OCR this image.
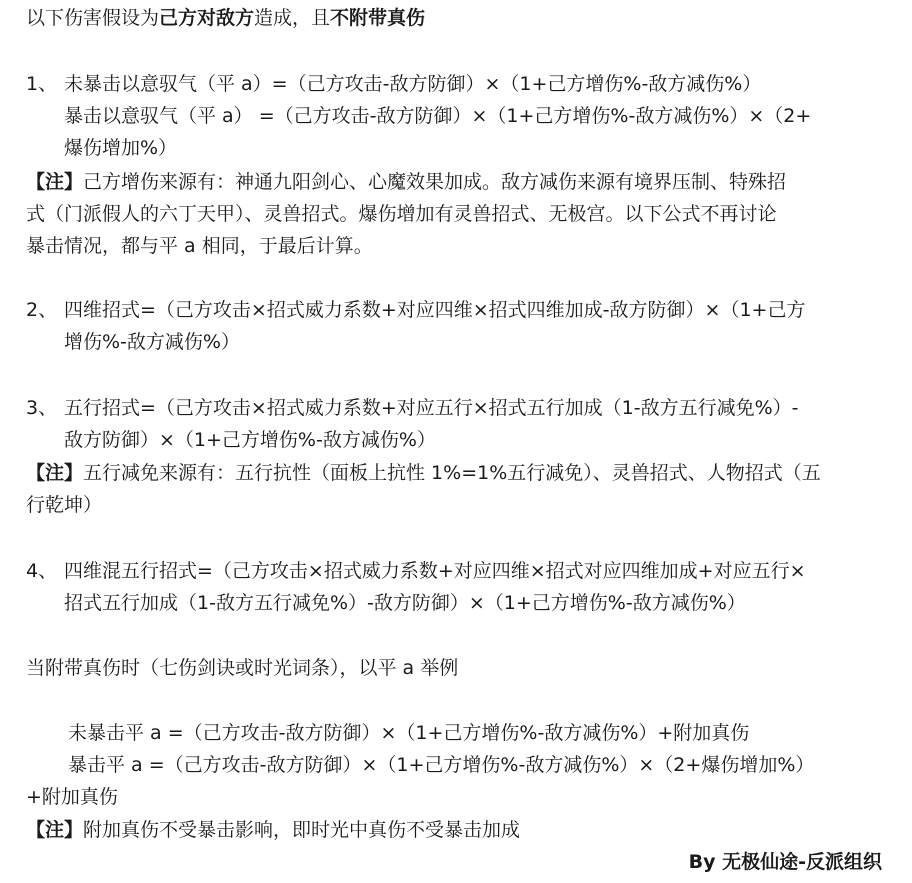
以下伤害假设为己方对敌方造成，且不附带真伤
1、 未暴击以意驭气（平 a）=（己方攻击-敌方防御）×（1+己方增伤%-敌方减伤%）
暴击以意驭气（平 a） =（己方攻击-敌方防御）×（1+己方增伤%-敌方减伤%）×（2+
爆伤增加%）
【注】己方增伤来源有：神通九阳剑心、心魔效果加成。敌方减伤来源有境界压制、特殊招
式（门派假人的六丁天甲）、灵兽招式。爆伤增加有灵兽招式、无极宫。以下公式不再讨论
暴击情况，都与平 a 相同，于最后计算。
2、 四维招式=（己方攻击×招式威力系数+对应四维×招式四维加成-敌方防御）×（1+己方
增伤%-敌方减伤%）
3、 五行招式=（己方攻击×招式威力系数+对应五行×招式五行加成（1-敌方五行减免%）-
敌方防御）×（1+己方增伤%-敌方减伤%）
【注】五行减免来源有：五行抗性（面板上抗性 1%=1%五行减免）、灵兽招式、人物招式（五
行乾坤）
4、 四维混五行招式=（己方攻击×招式威力系数+对应四维×招式对应四维加成+对应五行×
招式五行加成（1-敌方五行减免%）-敌方防御）×（1+己方增伤%-敌方减伤%）
当附带真伤时（七伤剑诀或时光词条），以平 a 举例
未暴击平 a =（己方攻击-敌方防御）×（1+己方增伤%-敌方减伤%）+附加真伤
暴击平 a =（己方攻击-敌方防御）×（1+己方增伤%-敌方减伤%）×（2+爆伤增加%）
+附加真伤
【注】附加真伤不受暴击影响，即时光中真伤不受暴击加成
By 无极仙途-反派组织
